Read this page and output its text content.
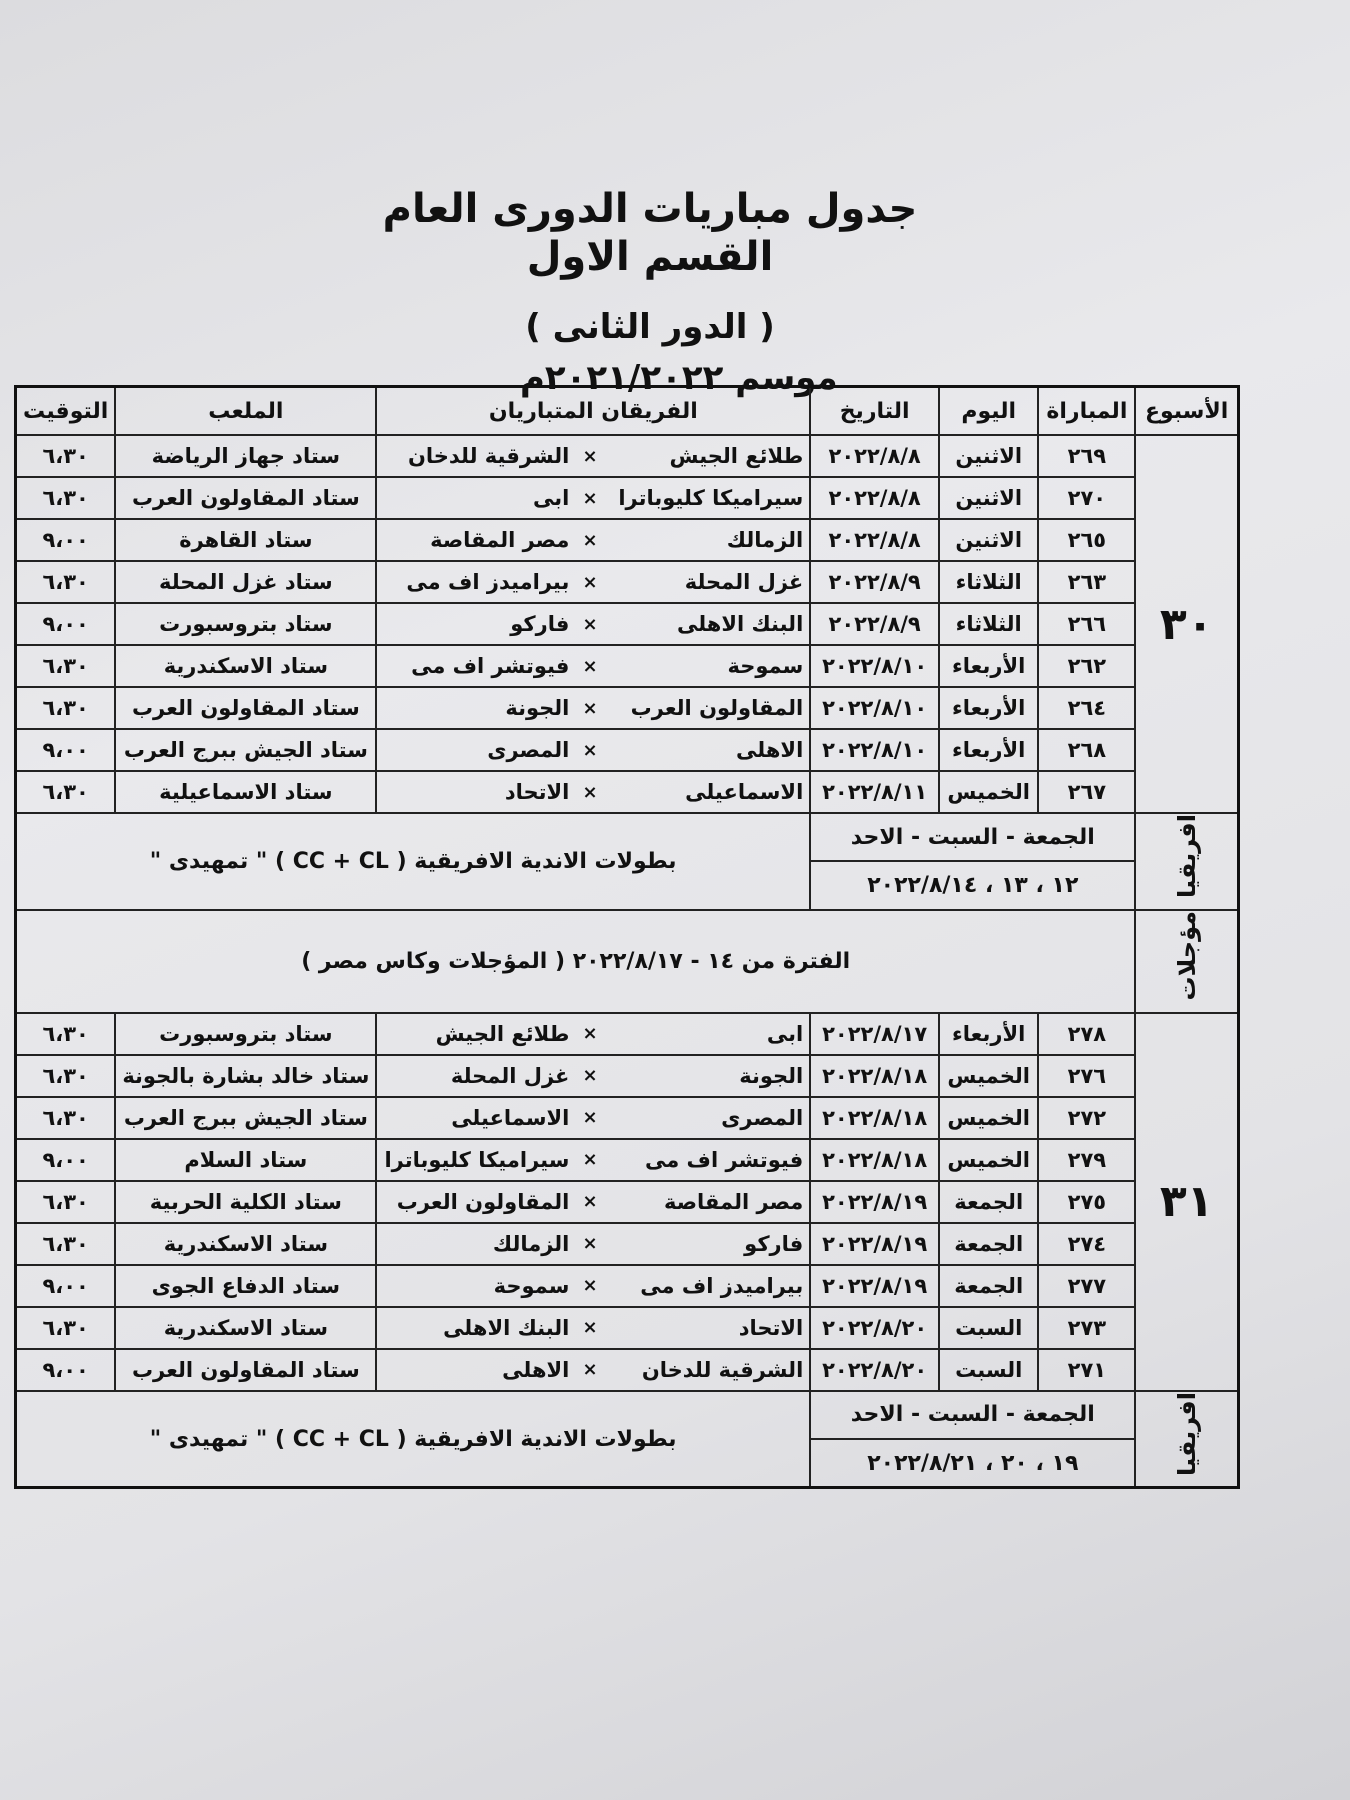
جدول مباريات الدورى العام القسم الاول

( الدور الثانى )

موسم ٢٠٢١/٢٠٢٢م
الأسبوع	المباراة	اليوم	التاريخ	الفريقان المتباريان			الملعب	التوقيت
٣٠	٢٦٩	الاثنين	٢٠٢٢/٨/٨	طلائع الجيش	×	الشرقية للدخان	ستاد جهاز الرياضة	٦،٣٠
	٢٧٠	الاثنين	٢٠٢٢/٨/٨	سيراميكا كليوباترا	×	ابى	ستاد المقاولون العرب	٦،٣٠
	٢٦٥	الاثنين	٢٠٢٢/٨/٨	الزمالك	×	مصر المقاصة	ستاد القاهرة	٩،٠٠
	٢٦٣	الثلاثاء	٢٠٢٢/٨/٩	غزل المحلة	×	بيراميدز اف مى	ستاد غزل المحلة	٦،٣٠
	٢٦٦	الثلاثاء	٢٠٢٢/٨/٩	البنك الاهلى	×	فاركو	ستاد بتروسبورت	٩،٠٠
	٢٦٢	الأربعاء	٢٠٢٢/٨/١٠	سموحة	×	فيوتشر اف مى	ستاد الاسكندرية	٦،٣٠
	٢٦٤	الأربعاء	٢٠٢٢/٨/١٠	المقاولون العرب	×	الجونة	ستاد المقاولون العرب	٦،٣٠
	٢٦٨	الأربعاء	٢٠٢٢/٨/١٠	الاهلى	×	المصرى	ستاد الجيش ببرج العرب	٩،٠٠
	٢٦٧	الخميس	٢٠٢٢/٨/١١	الاسماعيلى	×	الاتحاد	ستاد الاسماعيلية	٦،٣٠
افريقيا	الجمعة - السبت - الاحد			بطولات الاندية الافريقية ( CC + CL ) " تمهيدى "				
	١٢ ، ١٣ ، ٢٠٢٢/٨/١٤							
مؤجلات	الفترة من ١٤ - ٢٠٢٢/٨/١٧ ( المؤجلات وكاس مصر )							
٣١	٢٧٨	الأربعاء	٢٠٢٢/٨/١٧	ابى	×	طلائع الجيش	ستاد بتروسبورت	٦،٣٠
	٢٧٦	الخميس	٢٠٢٢/٨/١٨	الجونة	×	غزل المحلة	ستاد خالد بشارة بالجونة	٦،٣٠
	٢٧٢	الخميس	٢٠٢٢/٨/١٨	المصرى	×	الاسماعيلى	ستاد الجيش ببرج العرب	٦،٣٠
	٢٧٩	الخميس	٢٠٢٢/٨/١٨	فيوتشر اف مى	×	سيراميكا كليوباترا	ستاد السلام	٩،٠٠
	٢٧٥	الجمعة	٢٠٢٢/٨/١٩	مصر المقاصة	×	المقاولون العرب	ستاد الكلية الحربية	٦،٣٠
	٢٧٤	الجمعة	٢٠٢٢/٨/١٩	فاركو	×	الزمالك	ستاد الاسكندرية	٦،٣٠
	٢٧٧	الجمعة	٢٠٢٢/٨/١٩	بيراميدز اف مى	×	سموحة	ستاد الدفاع الجوى	٩،٠٠
	٢٧٣	السبت	٢٠٢٢/٨/٢٠	الاتحاد	×	البنك الاهلى	ستاد الاسكندرية	٦،٣٠
	٢٧١	السبت	٢٠٢٢/٨/٢٠	الشرقية للدخان	×	الاهلى	ستاد المقاولون العرب	٩،٠٠
افريقيا	الجمعة - السبت - الاحد			بطولات الاندية الافريقية ( CC + CL ) " تمهيدى "				
	١٩ ، ٢٠ ، ٢٠٢٢/٨/٢١							
